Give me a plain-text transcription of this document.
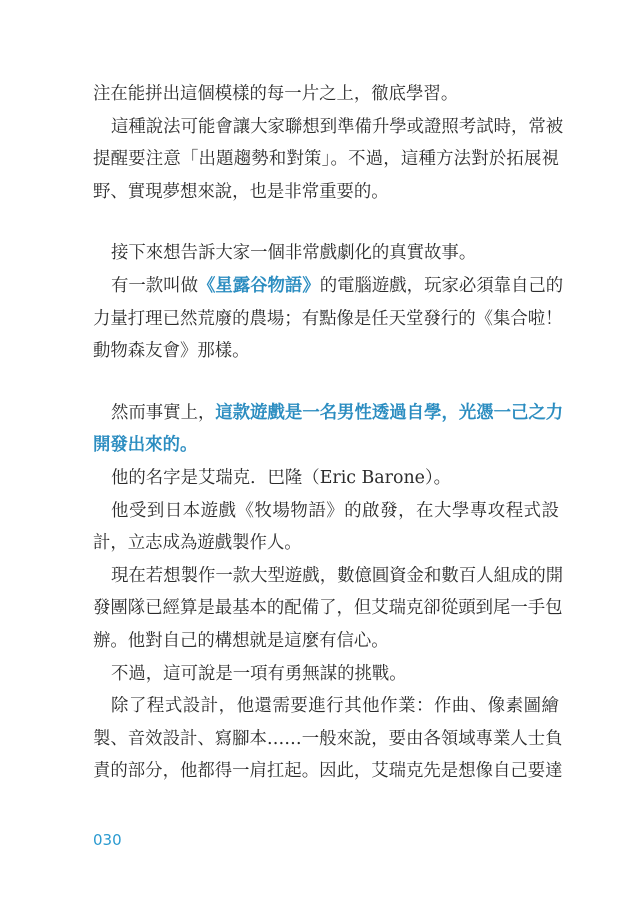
注在能拼出這個模樣的每一片之上，徹底學習。
這種說法可能會讓大家聯想到準備升學或證照考試時，常被
提醒要注意「出題趨勢和對策」。不過，這種方法對於拓展視
野、實現夢想來說，也是非常重要的。
接下來想告訴大家一個非常戲劇化的真實故事。
有一款叫做《星露谷物語》的電腦遊戲，玩家必須靠自己的
力量打理已然荒廢的農場；有點像是任天堂發行的《集合啦！
動物森友會》那樣。
然而事實上，這款遊戲是一名男性透過自學，光憑一己之力
開發出來的。
他的名字是艾瑞克．巴隆（Eric Barone）。
他受到日本遊戲《牧場物語》的啟發，在大學專攻程式設
計，立志成為遊戲製作人。
現在若想製作一款大型遊戲，數億圓資金和數百人組成的開
發團隊已經算是最基本的配備了，但艾瑞克卻從頭到尾一手包
辦。他對自己的構想就是這麼有信心。
不過，這可說是一項有勇無謀的挑戰。
除了程式設計，他還需要進行其他作業：作曲、像素圖繪
製、音效設計、寫腳本……一般來說，要由各領域專業人士負
責的部分，他都得一肩扛起。因此，艾瑞克先是想像自己要達
030
